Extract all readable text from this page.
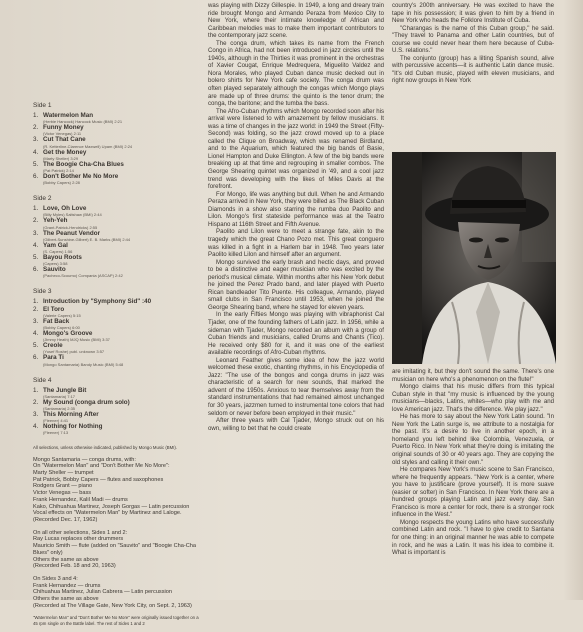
Side 1
1. Watermelon Man
(Herbie Hancock) Hancock Music (BMI) 2:21
2. Funny Money
(Victor Venegas) 2:11
3. Cut That Cane
(R. Ketterline-Clarence Maxwell) Upam (BMI) 2:24
4. Get the Money
(Marty Sheller) 3:29
5. The Boogie Cha-Cha Blues
(Pat Patrick) 2:14
6. Don't Bother Me No More
(Bobby Capers) 2:28
Side 2
1. Love, Oh Love
(Billy Myles) Saltshaw (BMI) 2:44
2. Yeh-Yeh
(Grant-Patrick-Hendricks) 2:55
3. The Peanut Vendor
(Gilbert-Sunshine-Gilbert) E. B. Marks (BMI) 2:44
4. Yam Gal
(S. Capers) 1:56
5. Bayou Roots
(Capers) 3:58
6. Sauvito
(Pacheco-Scoumo) Compania (ASCAP) 2:42
Side 3
1. Introduction by "Symphony Sid" :40
2. El Toro
(Valerie Capers) 5:15
3. Fat Back
(Bobby Capers) 6:00
4. Mongo's Groove
(Jimmy Heath) MJQ Music (BMI) 3:37
5. Creole
(Yusef Roshe) publ. unknown 3:57
6. Para Ti
(Mongo Santamaria) Bandy Music (BMI) 5:48
Side 4
1. The Jungle Bit
(Santamaria) 7:17
2. My Sound (conga drum solo)
(Santamaria) 2:35
3. This Morning After
(Fleener) 4:41
4. Nothing for Nothing
(Fleener) 7:13

All selections, unless otherwise indicated, published by Mongo Music (BMI).

Mongo Santamaria — conga drums, with:

On "Watermelon Man" and "Don't Bother Me No More":

Marty Sheller — trumpet
Pat Patrick, Bobby Capers — flutes and saxophones
Rodgers Grant — piano
Victor Venegas — bass
Frank Hernandez, Kalil Madi — drums
Kako, Chihuahua Martinez, Joseph Gorgas — Latin percussion
Vocal effects on "Watermelon Man" by Martinez and Laloge.
(Recorded Dec. 17, 1962)

On all other selections, Sides 1 and 2:
Ray Lucas replaces other drummers
Mauricio Smith — flute (added on "Sauvito" and "Boogie Cha-Cha Blues" only)
Others the same as above
(Recorded Feb. 18 and 20, 1963)

On Sides 3 and 4:
Frank Hernandez — drums
Chihuahua Martinez, Julian Cabrera — Latin percussion
Others the same as above
(Recorded at The Village Gate, New York City, on Sept. 2, 1963)

"Watermelon Man" and "Don't Bother Me No More" were originally issued together on a 45 rpm single on the Battle label. The rest of Sides 1 and 2

was playing with Dizzy Gillespie. In 1949, a long and dreary train ride brought Mongo and Armando Peraza from Mexico City to New York, where their intimate knowledge of African and Caribbean melodies was to make them important contributors to the contemporary jazz scene.

The conga drum, which takes its name from the French Congo in Africa, had not been introduced in jazz circles until the 1940s, although in the Thirties it was prominent in the orchestras of Xavier Cougat, Enrique Medrequera, Miguelito Valdez and Nora Morales, who played Cuban dance music decked out in bolero shirts for New York cafe society. The conga drum was often played separately although the congas which Mongo plays are made up of three drums: the quinto is the tenor drum; the conga, the baritone; and the tumba the bass.

The Afro-Cuban rhythms which Mongo recorded soon after his arrival were listened to with amazement by fellow musicians. It was a time of changes in the jazz world: in 1949 the Street (Fifty-Second) was folding, so the jazz crowd moved up to a place called the Clique on Broadway, which was renamed Birdland, and to the Aquarium, which featured the big bands of Basie, Lionel Hampton and Duke Ellington. A few of the big bands were breaking up at that time and regrouping in smaller combos. The George Shearing quintet was organized in '49, and a cool jazz trend was developing with the likes of Miles Davis at the forefront.

For Mongo, life was anything but dull. When he and Armando Peraza arrived in New York, they were billed as The Black Cuban Diamonds in a show also starring the rumba duo Paolito and Lilon. Mongo's first stateside performance was at the Teatro Hispano at 116th Street and Fifth Avenue.

Paolito and Lilon were to meet a strange fate, akin to the tragedy which the great Chano Pozo met. This great conguero was killed in a fight in a Harlem bar in 1948. Two years later Paolito killed Lilon and himself after an argument.

Mongo survived the early brash and hectic days, and proved to be a distinctive and eager musician who was excited by the period's musical climate. Within months after his New York debut he joined the Perez Prado band, and later played with Puerto Rican bandleader Tito Puente. His colleague, Armando, played small clubs in San Francisco until 1953, when he joined the George Shearing band, where he stayed for eleven years.

In the early Fifties Mongo was playing with vibraphonist Cal Tjader, one of the founding fathers of Latin jazz. In 1956, while a sideman with Tjader, Mongo recorded an album with a group of Cuban friends and musicians, called Drums and Chants (Tico). He received only $80 for it, and it was one of the earliest available recordings of Afro-Cuban rhythms.

Leonard Feather gives some idea of how the jazz world welcomed these exotic, chanting rhythms, in his Encyclopedia of Jazz: "The use of the bongos and conga drums in jazz was characteristic of a search for new sounds, that marked the advent of the 1950s. Anxious to tear themselves away from the standard instrumentations that had remained almost unchanged for 30 years, jazzmen turned to instrumental tone colors that had seldom or never before been employed in their music."

After three years with Cal Tjader, Mongo struck out on his own, willing to bet that he could create

country's 200th anniversary. He was excited to have the tape in his possession; it was given to him by a friend in New York who heads the Folklore Institute of Cuba.

"Charangas is the name of this Cuban group," he said. "They travel to Panama and other Latin countries, but of course we could never hear them here because of Cuba-U.S. relations."

The conjunto (group) has a lilting Spanish sound, alive with percussive accents—it is authentic Latin dance music. "It's old Cuban music, played with eleven musicians, and right now groups in New York

are imitating it, but they don't sound the same. There's one musician on here who's a phenomenon on the flute!"

Mongo claims that his music differs from this typical Cuban style in that "my music is influenced by the young musicians—blacks, Latins, whites—who play with me and love American jazz. That's the difference. We play jazz."

He has more to say about the New York Latin sound. "In New York the Latin surge is, we attribute to a nostalgia for the past. It's a desire to live in another epoch, in a homeland you left behind like Colombia, Venezuela, or Puerto Rico. In New York what they're doing is imitating the original sounds of 30 or 40 years ago. They are copying the old styles and calling it their own."

He compares New York's music scene to San Francisco, where he frequently appears. "New York is a center, where you have to justificare (prove yourself). It is more suave (easier or softer) in San Francisco. In New York there are a hundred groups playing Latin and jazz every day. San Francisco is more a center for rock, there is a stronger rock influence in the West."

Mongo respects the young Latins who have successfully combined Latin and rock. "I have to give credit to Santana for one thing: in an original manner he was able to compete in rock, and he was a Latin. It was his idea to combine it. What is important is
